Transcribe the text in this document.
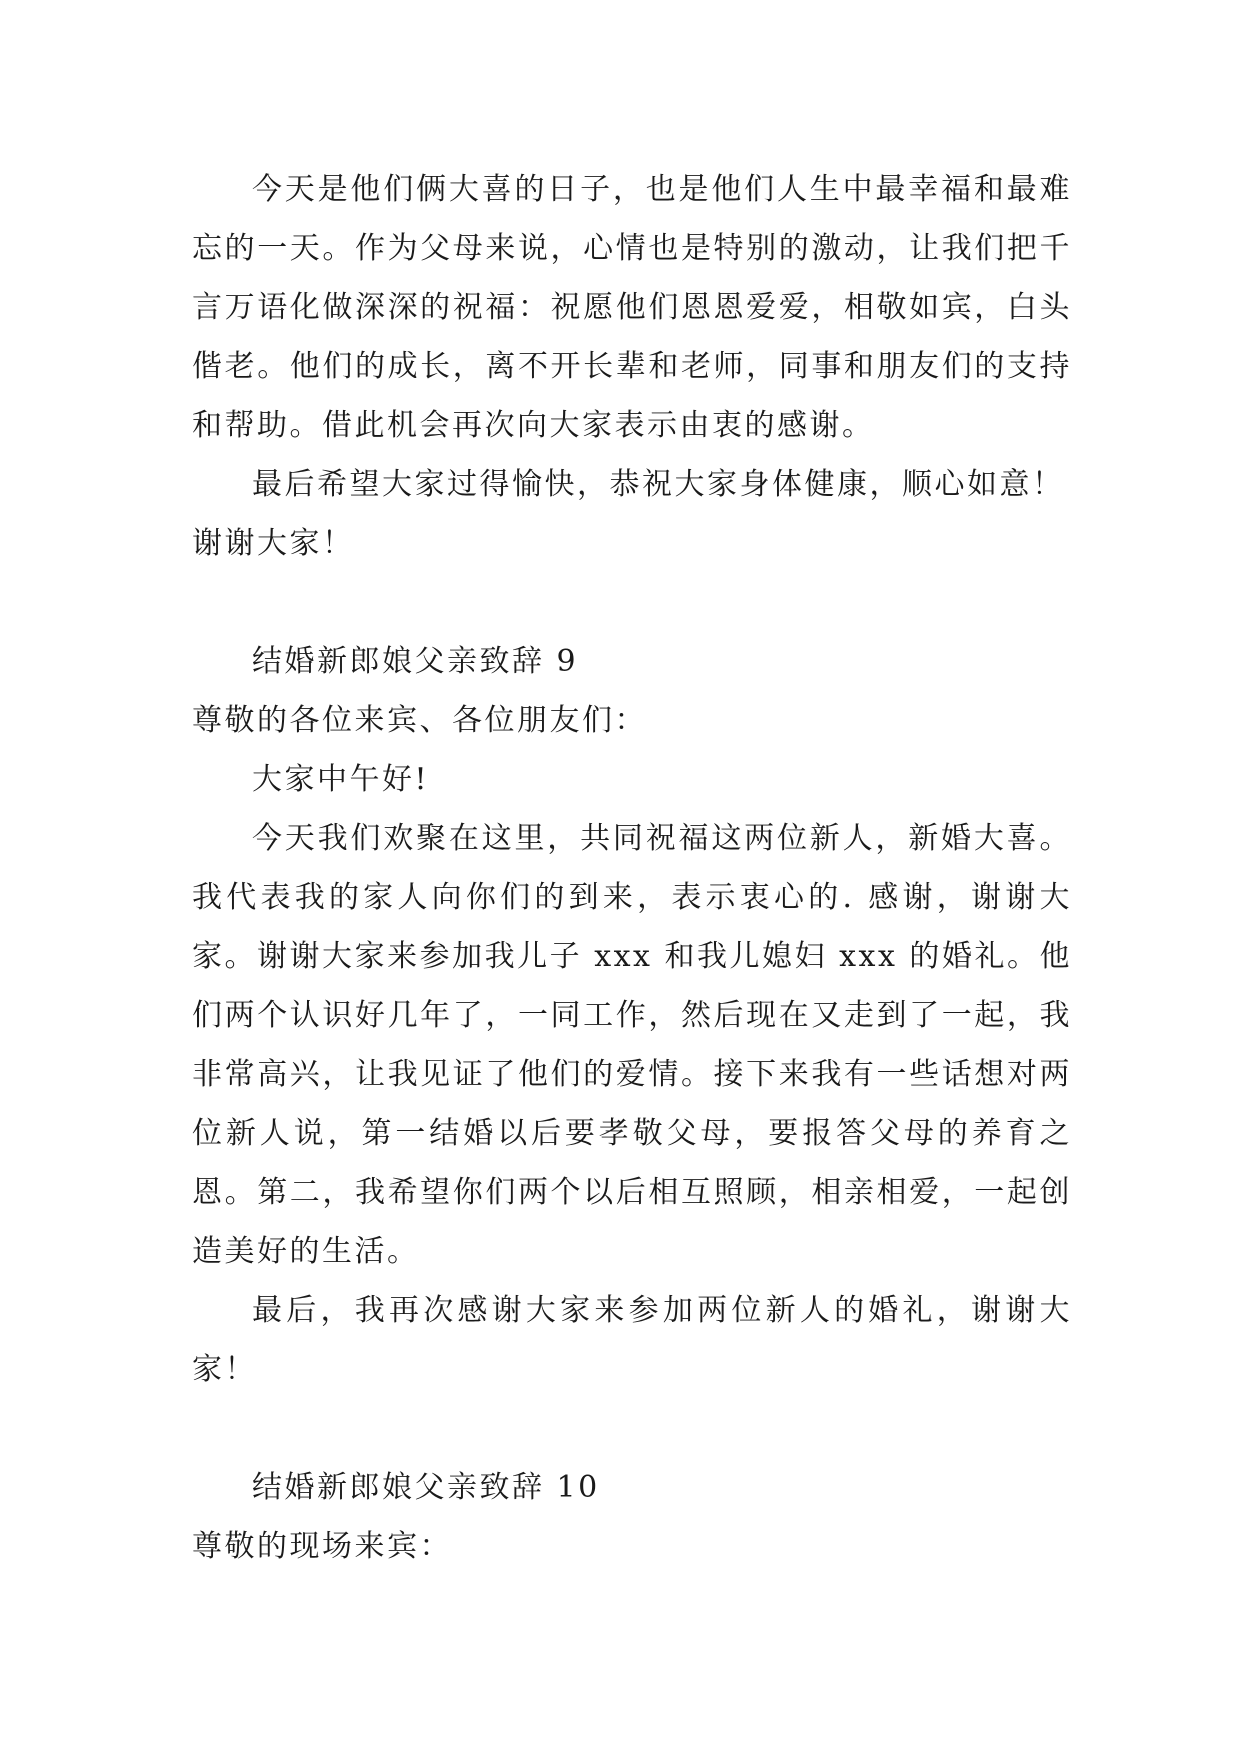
今天是他们俩大喜的日子，也是他们人生中最幸福和最难忘的一天。作为父母来说，心情也是特别的激动，让我们把千言万语化做深深的祝福：祝愿他们恩恩爱爱，相敬如宾，白头偕老。他们的成长，离不开长辈和老师，同事和朋友们的支持和帮助。借此机会再次向大家表示由衷的感谢。

最后希望大家过得愉快，恭祝大家身体健康，顺心如意！

谢谢大家！

结婚新郎娘父亲致辞 9

尊敬的各位来宾、各位朋友们：

大家中午好!

今天我们欢聚在这里，共同祝福这两位新人，新婚大喜。我代表我的家人向你们的到来，表示衷心的. 感谢，谢谢大家。谢谢大家来参加我儿子 xxx 和我儿媳妇 xxx 的婚礼。他们两个认识好几年了，一同工作，然后现在又走到了一起，我非常高兴，让我见证了他们的爱情。接下来我有一些话想对两位新人说，第一结婚以后要孝敬父母，要报答父母的养育之恩。第二，我希望你们两个以后相互照顾，相亲相爱，一起创造美好的生活。

最后，我再次感谢大家来参加两位新人的婚礼，谢谢大家！

结婚新郎娘父亲致辞 10

尊敬的现场来宾：
